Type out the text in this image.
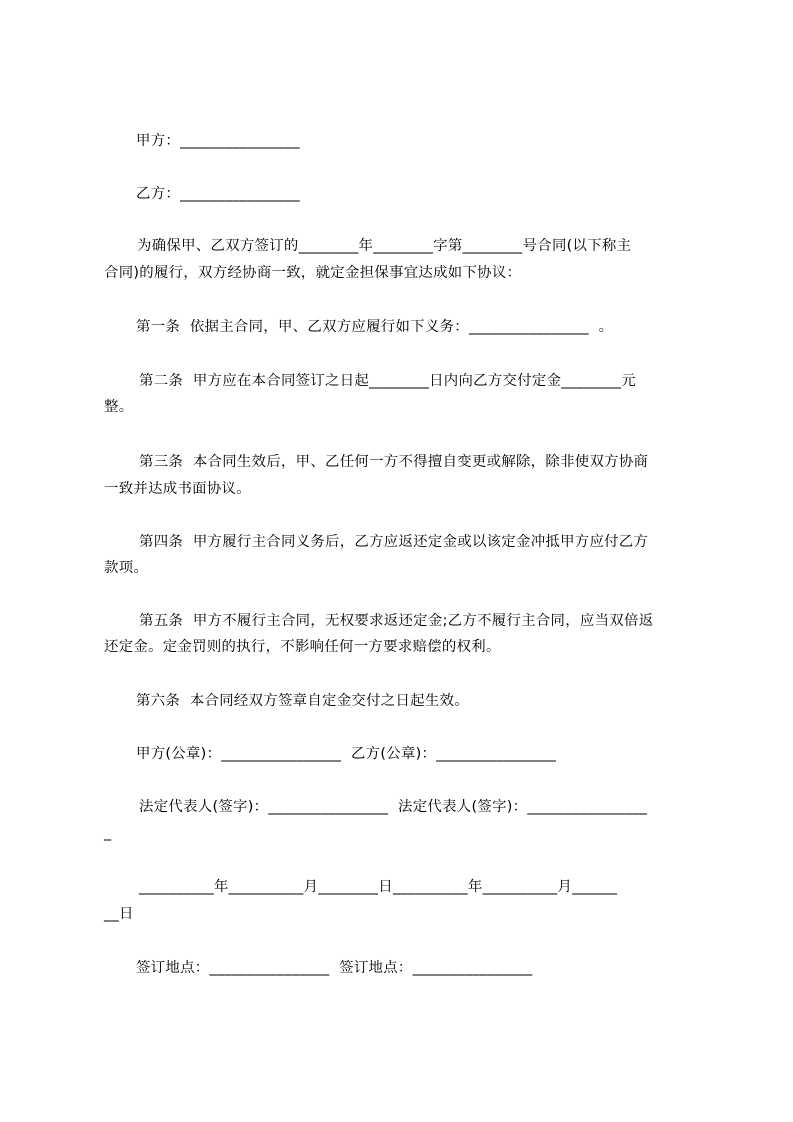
甲方：________________

乙方：________________

为确保甲、乙双方签订的________年________字第________号合同(以下称主

合同)的履行，双方经协商一致，就定金担保事宜达成如下协议：

第一条  依据主合同，甲、乙双方应履行如下义务：________________  。

第二条  甲方应在本合同签订之日起________日内向乙方交付定金________元

整。

第三条  本合同生效后，甲、乙任何一方不得擅自变更或解除，除非使双方协商

一致并达成书面协议。

第四条  甲方履行主合同义务后，乙方应返还定金或以该定金冲抵甲方应付乙方

款项。

第五条  甲方不履行主合同，无权要求返还定金;乙方不履行主合同，应当双倍返

还定金。定金罚则的执行，不影响任何一方要求赔偿的权利。

第六条  本合同经双方签章自定金交付之日起生效。

甲方(公章)：________________  乙方(公章)：________________

法定代表人(签字)：________________  法定代表人(签字)：________________

_

__________年__________月________日__________年__________月______

__日

签订地点：________________  签订地点：________________
